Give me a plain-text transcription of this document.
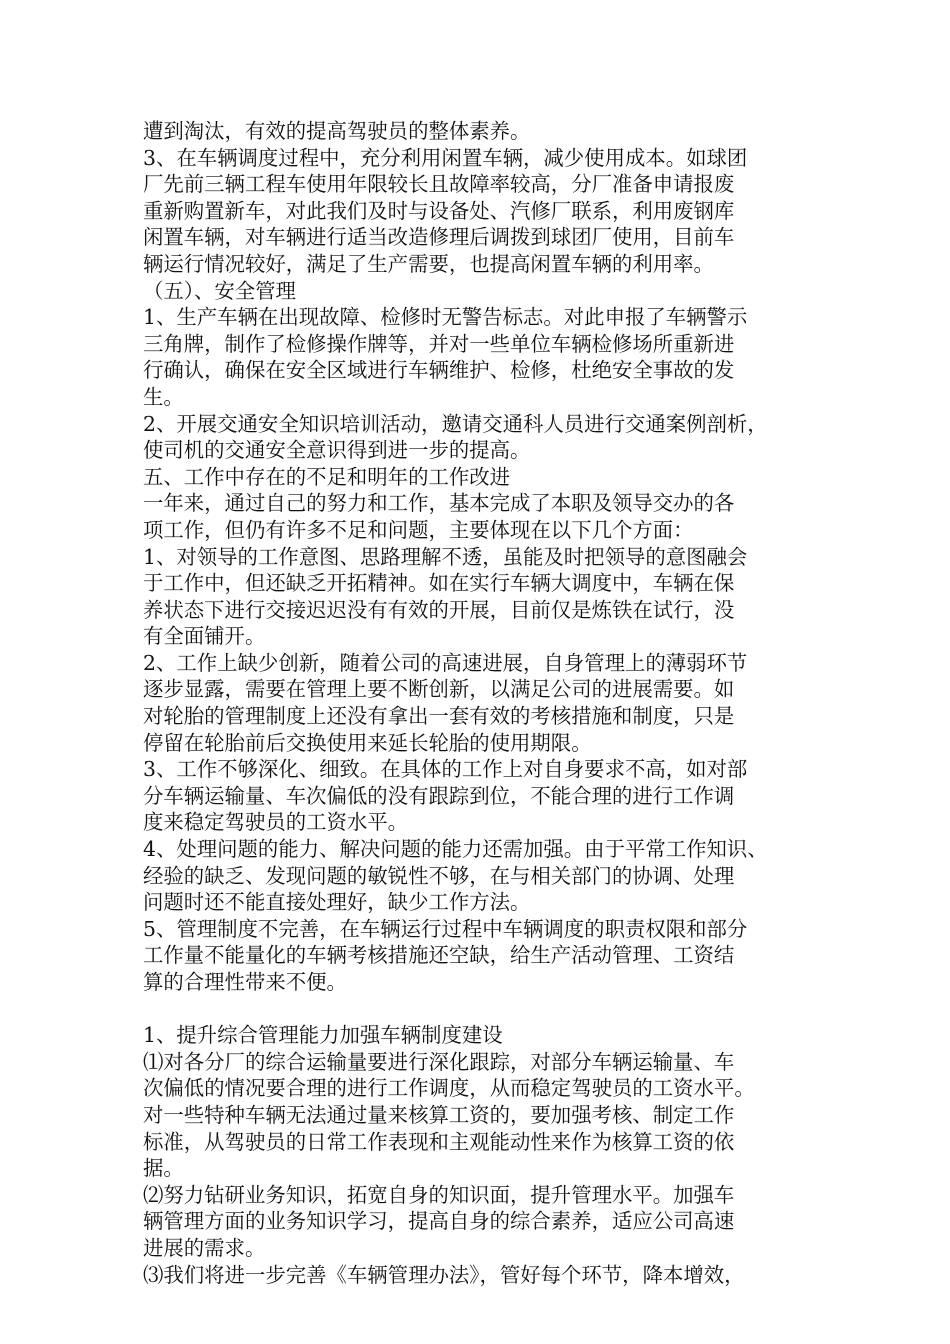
遭到淘汰，有效的提高驾驶员的整体素养。
3、在车辆调度过程中，充分利用闲置车辆，减少使用成本。如球团
厂先前三辆工程车使用年限较长且故障率较高，分厂准备申请报废
重新购置新车，对此我们及时与设备处、汽修厂联系，利用废钢库
闲置车辆，对车辆进行适当改造修理后调拨到球团厂使用，目前车
辆运行情况较好，满足了生产需要，也提高闲置车辆的利用率。
（五）、安全管理
1、生产车辆在出现故障、检修时无警告标志。对此申报了车辆警示
三角牌，制作了检修操作牌等，并对一些单位车辆检修场所重新进
行确认，确保在安全区域进行车辆维护、检修，杜绝安全事故的发
生。
2、开展交通安全知识培训活动，邀请交通科人员进行交通案例剖析，
使司机的交通安全意识得到进一步的提高。
五、工作中存在的不足和明年的工作改进
一年来，通过自己的努力和工作，基本完成了本职及领导交办的各
项工作，但仍有许多不足和问题，主要体现在以下几个方面：
1、对领导的工作意图、思路理解不透，虽能及时把领导的意图融会
于工作中，但还缺乏开拓精神。如在实行车辆大调度中，车辆在保
养状态下进行交接迟迟没有有效的开展，目前仅是炼铁在试行，没
有全面铺开。
2、工作上缺少创新，随着公司的高速进展，自身管理上的薄弱环节
逐步显露，需要在管理上要不断创新，以满足公司的进展需要。如
对轮胎的管理制度上还没有拿出一套有效的考核措施和制度，只是
停留在轮胎前后交换使用来延长轮胎的使用期限。
3、工作不够深化、细致。在具体的工作上对自身要求不高，如对部
分车辆运输量、车次偏低的没有跟踪到位，不能合理的进行工作调
度来稳定驾驶员的工资水平。
4、处理问题的能力、解决问题的能力还需加强。由于平常工作知识、
经验的缺乏、发现问题的敏锐性不够，在与相关部门的协调、处理
问题时还不能直接处理好，缺少工作方法。
5、管理制度不完善，在车辆运行过程中车辆调度的职责权限和部分
工作量不能量化的车辆考核措施还空缺，给生产活动管理、工资结
算的合理性带来不便。
1、提升综合管理能力加强车辆制度建设
⑴对各分厂的综合运输量要进行深化跟踪，对部分车辆运输量、车
次偏低的情况要合理的进行工作调度，从而稳定驾驶员的工资水平。
对一些特种车辆无法通过量来核算工资的，要加强考核、制定工作
标准，从驾驶员的日常工作表现和主观能动性来作为核算工资的依
据。
⑵努力钻研业务知识，拓宽自身的知识面，提升管理水平。加强车
辆管理方面的业务知识学习，提高自身的综合素养，适应公司高速
进展的需求。
⑶我们将进一步完善《车辆管理办法》，管好每个环节，降本增效，
